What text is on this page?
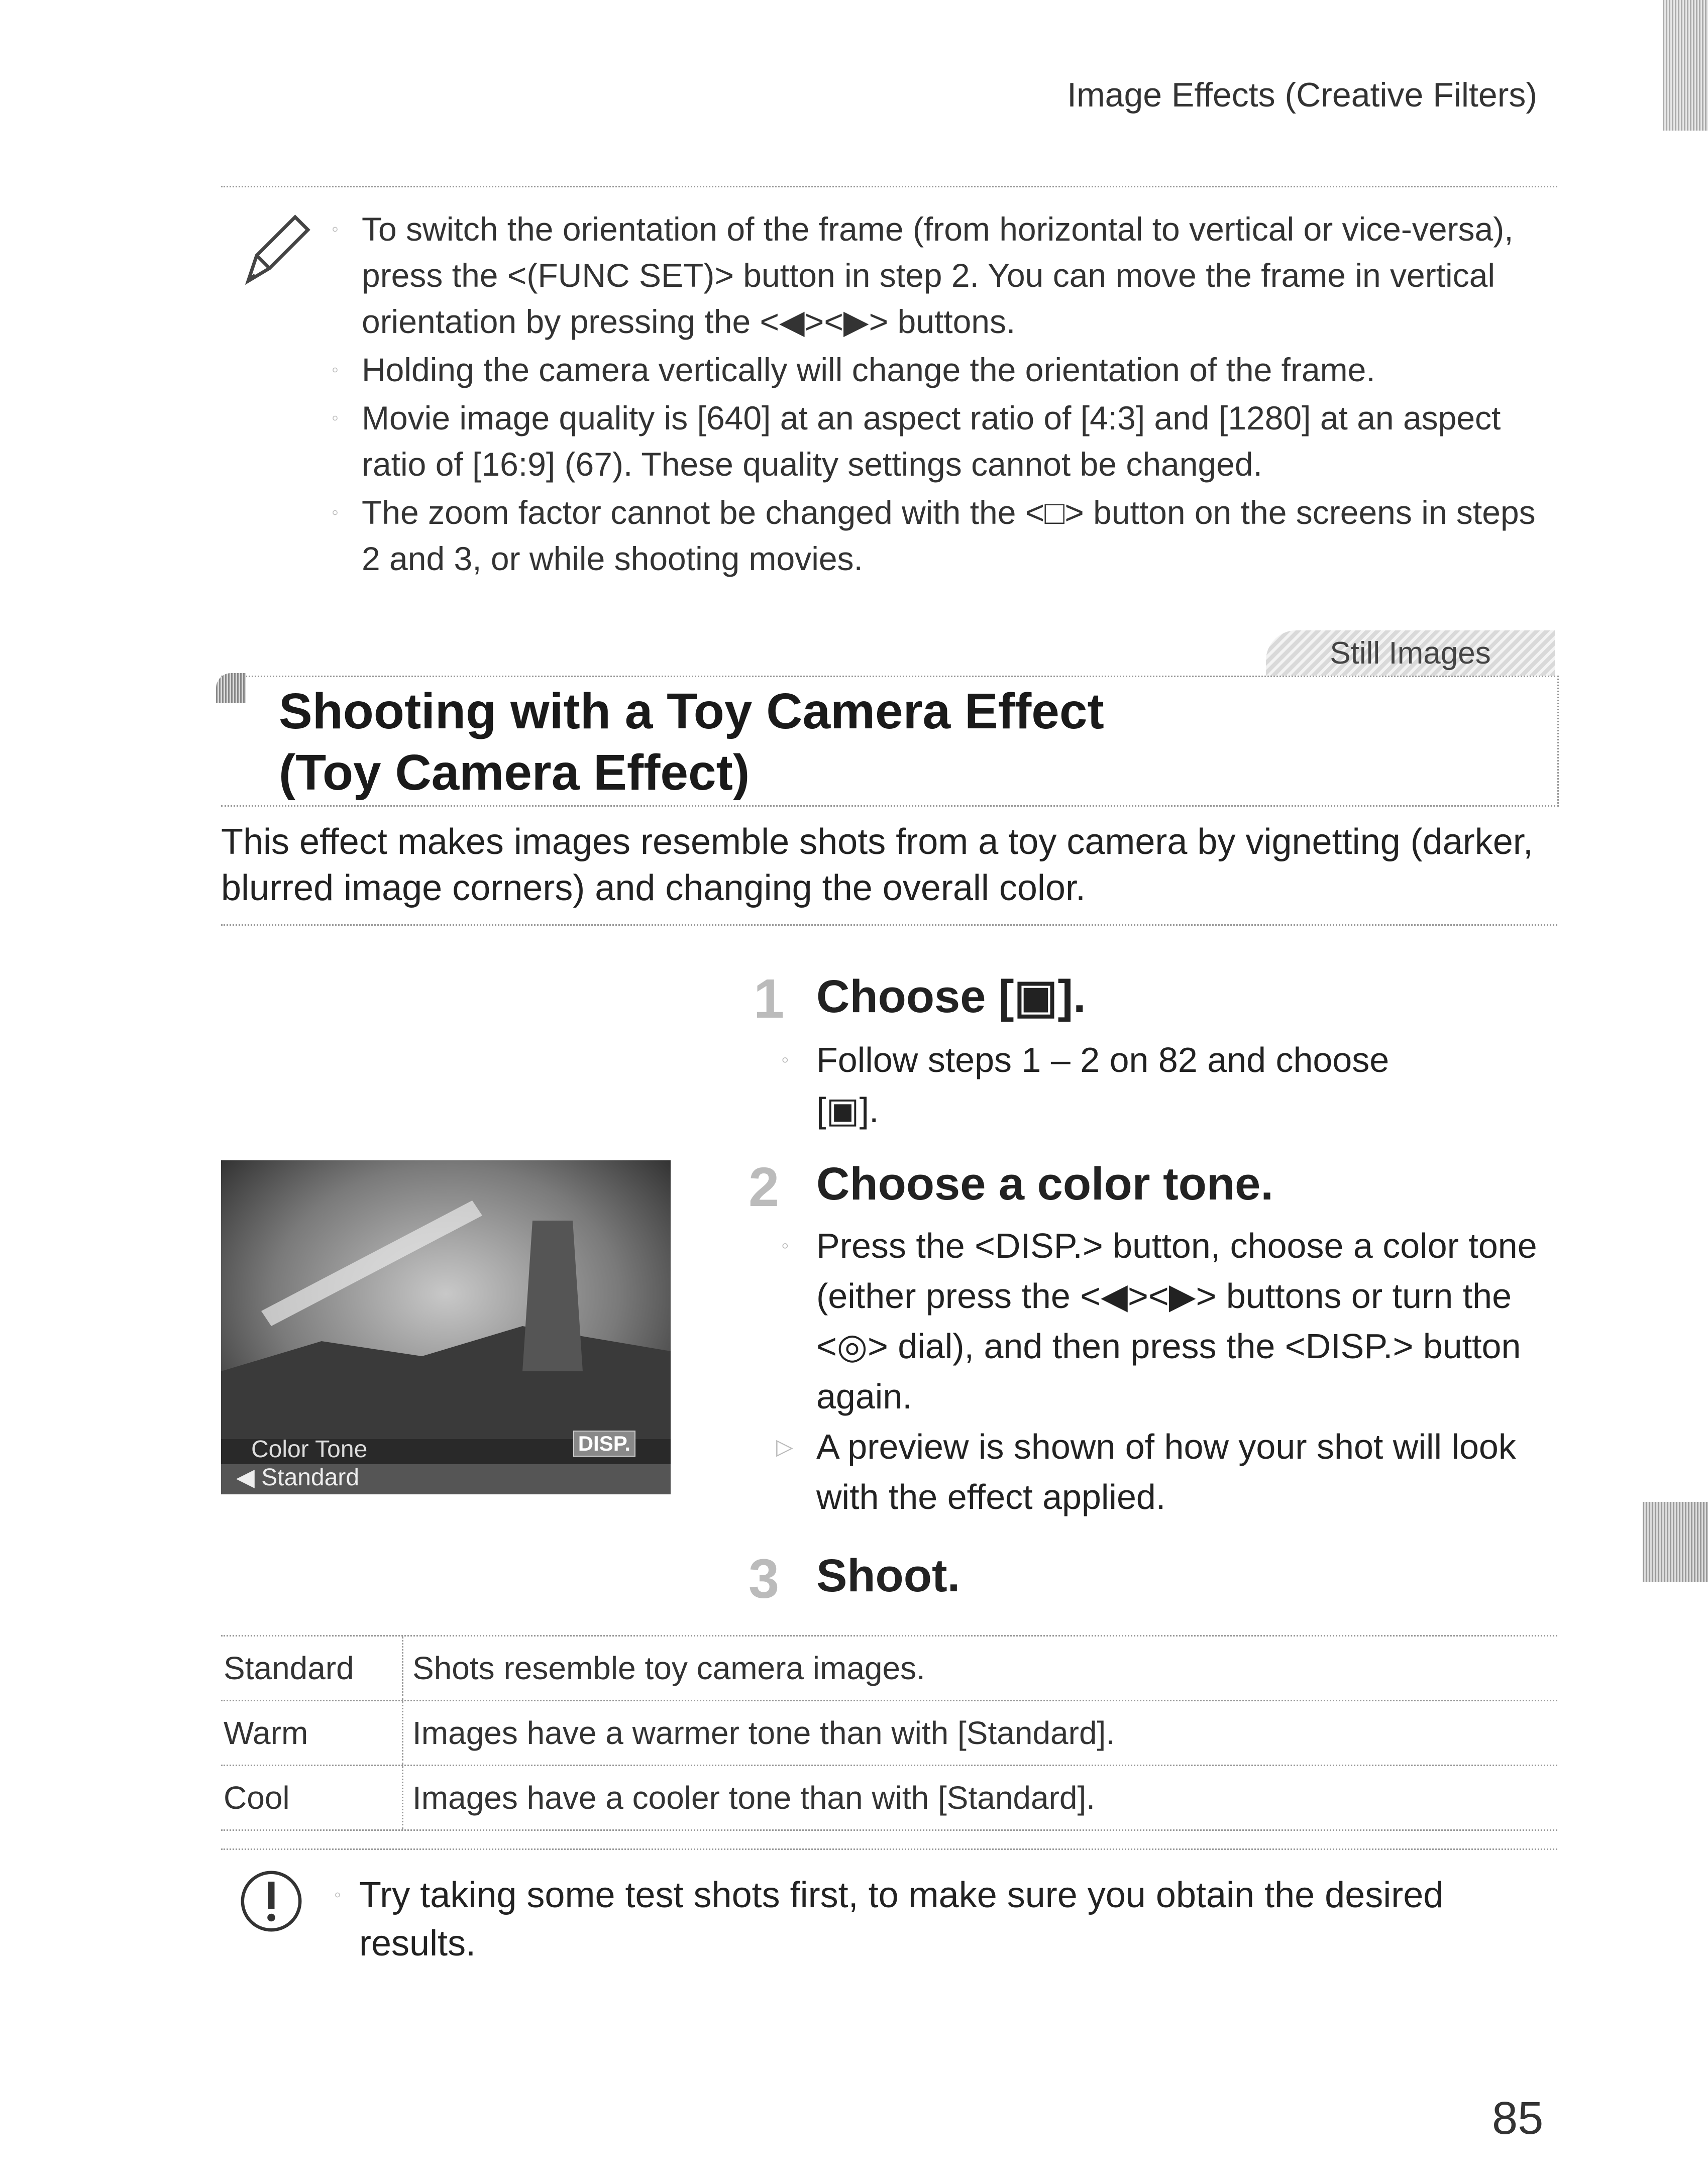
Image Effects (Creative Filters)
◦ To switch the orientation of the frame (from horizontal to vertical or vice-versa), press the <(FUNC SET)> button in step 2. You can move the frame in vertical orientation by pressing the <◀><▶> buttons.
◦ Holding the camera vertically will change the orientation of the frame.
◦ Movie image quality is [640] at an aspect ratio of [4:3] and [1280] at an aspect ratio of [16:9] (67). These quality settings cannot be changed.
◦ The zoom factor cannot be changed with the <□> button on the screens in steps 2 and 3, or while shooting movies.
Still Images
Shooting with a Toy Camera Effect
(Toy Camera Effect)
This effect makes images resemble shots from a toy camera by vignetting (darker, blurred image corners) and changing the overall color.
Color Tone	DISP.
◀ Standard
1 Choose [▣].
◦ Follow steps 1 – 2 on 82 and choose [▣].
2 Choose a color tone.
◦ Press the <DISP.> button, choose a color tone (either press the <◀><▶> buttons or turn the <◎> dial), and then press the <DISP.> button again.
▷ A preview is shown of how your shot will look with the effect applied.
3 Shoot.
Standard	Shots resemble toy camera images.
Warm	Images have a warmer tone than with [Standard].
Cool	Images have a cooler tone than with [Standard].
◦ Try taking some test shots first, to make sure you obtain the desired results.
85
